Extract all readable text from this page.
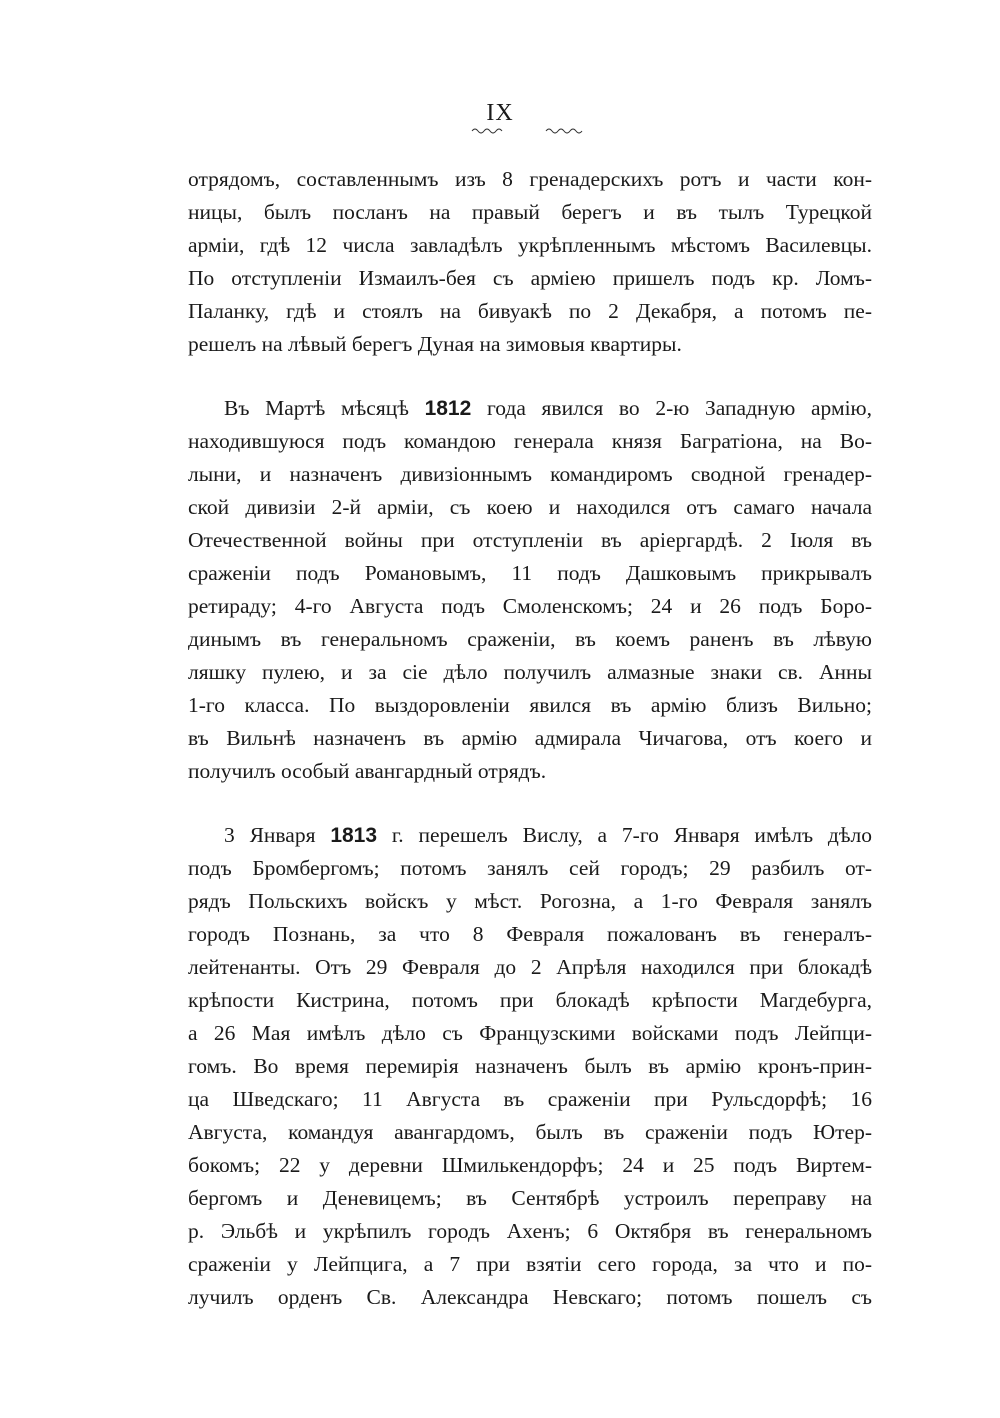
IX
отрядомъ, составленнымъ изъ 8 гренадерскихъ ротъ и части кон-
ницы, былъ посланъ на правый берегъ и въ тылъ Турецкой
арміи, гдѣ 12 числа завладѣлъ укрѣпленнымъ мѣстомъ Василевцы.
По отступленіи Измаилъ-бея съ арміею пришелъ подъ кр. Ломъ-
Паланку, гдѣ и стоялъ на бивуакѣ по 2 Декабря, а потомъ пе-
решелъ на лѣвый берегъ Дуная на зимовыя квартиры.
Въ Мартѣ мѣсяцѣ 1812 года явился во 2-ю Западную армію,
находившуюся подъ командою генерала князя Багратіона, на Во-
лыни, и назначенъ дивизіоннымъ командиромъ сводной гренадер-
ской дивизіи 2-й арміи, съ коею и находился отъ самаго начала
Отечественной войны при отступленіи въ аріергардѣ. 2 Іюля въ
сраженіи подъ Романовымъ, 11 подъ Дашковымъ прикрывалъ
ретираду; 4-го Августа подъ Смоленскомъ; 24 и 26 подъ Боро-
динымъ въ генеральномъ сраженіи, въ коемъ раненъ въ лѣвую
ляшку пулею, и за сіе дѣло получилъ алмазные знаки св. Анны
1-го класса. По выздоровленіи явился въ армію близъ Вильно;
въ Вильнѣ назначенъ въ армію адмирала Чичагова, отъ коего и
получилъ особый авангардный отрядъ.
3 Января 1813 г. перешелъ Вислу, а 7-го Января имѣлъ дѣло
подъ Бромбергомъ; потомъ занялъ сей городъ; 29 разбилъ от-
рядъ Польскихъ войскъ у мѣст. Рогозна, а 1-го Февраля занялъ
городъ Познань, за что 8 Февраля пожалованъ въ генералъ-
лейтенанты. Отъ 29 Февраля до 2 Апрѣля находился при блокадѣ
крѣпости Кистрина, потомъ при блокадѣ крѣпости Магдебурга,
а 26 Мая имѣлъ дѣло съ Французскими войсками подъ Лейпци-
гомъ. Во время перемирія назначенъ былъ въ армію кронъ-прин-
ца Шведскаго; 11 Августа въ сраженіи при Рульсдорфѣ; 16
Августа, командуя авангардомъ, былъ въ сраженіи подъ Ютер-
бокомъ; 22 у деревни Шмилькендорфъ; 24 и 25 подъ Виртем-
бергомъ и Деневицемъ; въ Сентябрѣ устроилъ переправу на
р. Эльбѣ и укрѣпилъ городъ Ахенъ; 6 Октября въ генеральномъ
сраженіи у Лейпцига, а 7 при взятіи сего города, за что и по-
лучилъ орденъ Св. Александра Невскаго; потомъ пошелъ съ
